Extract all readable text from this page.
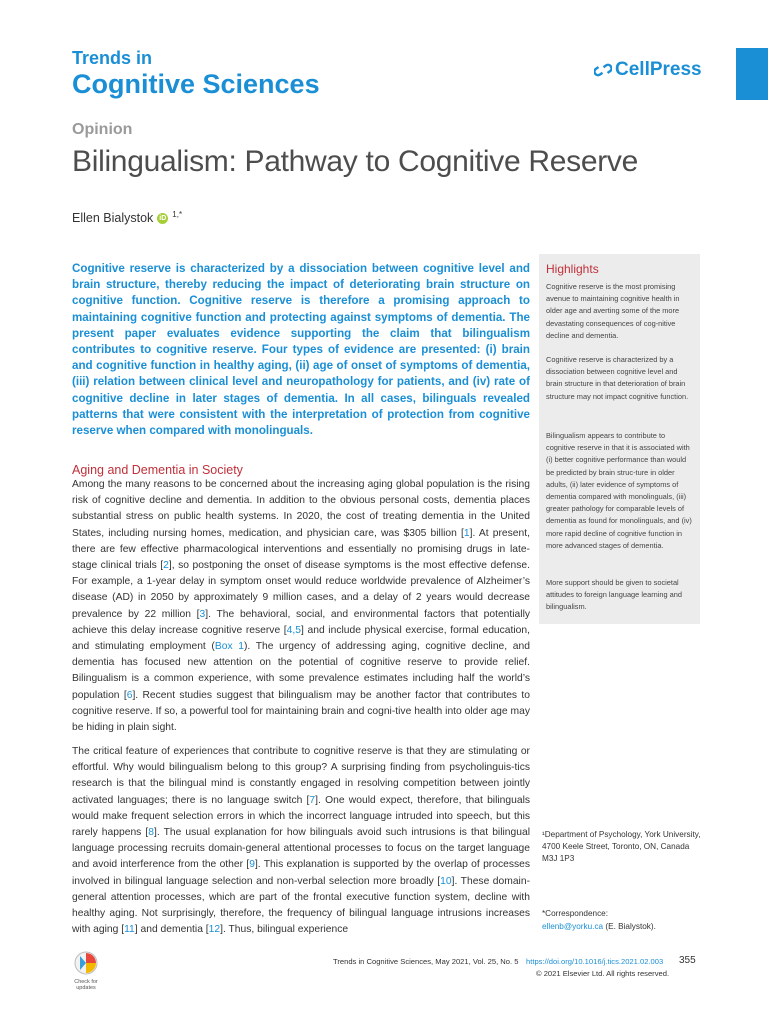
Trends in
Cognitive Sciences	CellPress
Opinion
Bilingualism: Pathway to Cognitive Reserve
Ellen Bialystok iD $^{1,*}$

Cognitive reserve is characterized by a dissociation between cognitive level and brain structure, thereby reducing the impact of deteriorating brain structure on cognitive function. Cognitive reserve is therefore a promising approach to maintaining cognitive function and protecting against symptoms of dementia. The present paper evaluates evidence supporting the claim that bilingualism contributes to cognitive reserve. Four types of evidence are presented: (i) brain and cognitive function in healthy aging, (ii) age of onset of symptoms of dementia, (iii) relation between clinical level and neuropathology for patients, and (iv) rate of cognitive decline in later stages of dementia. In all cases, bilinguals revealed patterns that were consistent with the interpretation of protection from cognitive reserve when compared with monolinguals.

Highlights

Cognitive reserve is the most promising avenue to maintaining cognitive health in older age and averting some of the more devastating consequences of cog-nitive decline and dementia.

Cognitive reserve is characterized by a dissociation between cognitive level and brain structure in that deterioration of brain structure may not impact cognitive function.

Bilingualism appears to contribute to cognitive reserve in that it is associated with (i) better cognitive performance than would be predicted by brain struc-ture in older adults, (ii) later evidence of symptoms of dementia compared with monolinguals, (iii) greater pathology for comparable levels of dementia as found for monolinguals, and (iv) more rapid decline of cognitive function in more advanced stages of dementia.

More support should be given to societal attitudes to foreign language learning and bilingualism.

Aging and Dementia in Society

Among the many reasons to be concerned about the increasing aging global population is the rising risk of cognitive decline and dementia. In addition to the obvious personal costs, dementia places substantial stress on public health systems. In 2020, the cost of treating dementia in the United States, including nursing homes, medication, and physician care, was $305 billion [1]. At present, there are few effective pharmacological interventions and essentially no promising drugs in late-stage clinical trials [2], so postponing the onset of disease symptoms is the most effective defense. For example, a 1-year delay in symptom onset would reduce worldwide prevalence of Alzheimer’s disease (AD) in 2050 by approximately 9 million cases, and a delay of 2 years would decrease prevalence by 22 million [3]. The behavioral, social, and environmental factors that potentially achieve this delay increase cognitive reserve [4,5] and include physical exercise, formal education, and stimulating employment (Box 1). The urgency of addressing aging, cognitive decline, and dementia has focused new attention on the potential of cognitive reserve to provide relief. Bilingualism is a common experience, with some prevalence estimates including half the world’s population [6]. Recent studies suggest that bilingualism may be another factor that contributes to cognitive reserve. If so, a powerful tool for maintaining brain and cogni-tive health into older age may be hiding in plain sight.

The critical feature of experiences that contribute to cognitive reserve is that they are stimulating or effortful. Why would bilingualism belong to this group? A surprising finding from psycholinguis-tics research is that the bilingual mind is constantly engaged in resolving competition between jointly activated languages; there is no language switch [7]. One would expect, therefore, that bilinguals would make frequent selection errors in which the incorrect language intruded into speech, but this rarely happens [8]. The usual explanation for how bilinguals avoid such intrusions is that bilingual language processing recruits domain-general attentional processes to focus on the target language and avoid interference from the other [9]. This explanation is supported by the overlap of processes involved in bilingual language selection and non-verbal selection more broadly [10]. These domain-general attention processes, which are part of the frontal executive function system, decline with healthy aging. Not surprisingly, therefore, the frequency of bilingual language intrusions increases with aging [11] and dementia [12]. Thus, bilingual experience

¹Department of Psychology, York University, 4700 Keele Street, Toronto, ON, Canada M3J 1P3
*Correspondence:
ellenb@yorku.ca (E. Bialystok).
Check for
updates
Trends in Cognitive Sciences, May 2021, Vol. 25, No. 5 https://doi.org/10.1016/j.tics.2021.02.003 355
© 2021 Elsevier Ltd. All rights reserved.
